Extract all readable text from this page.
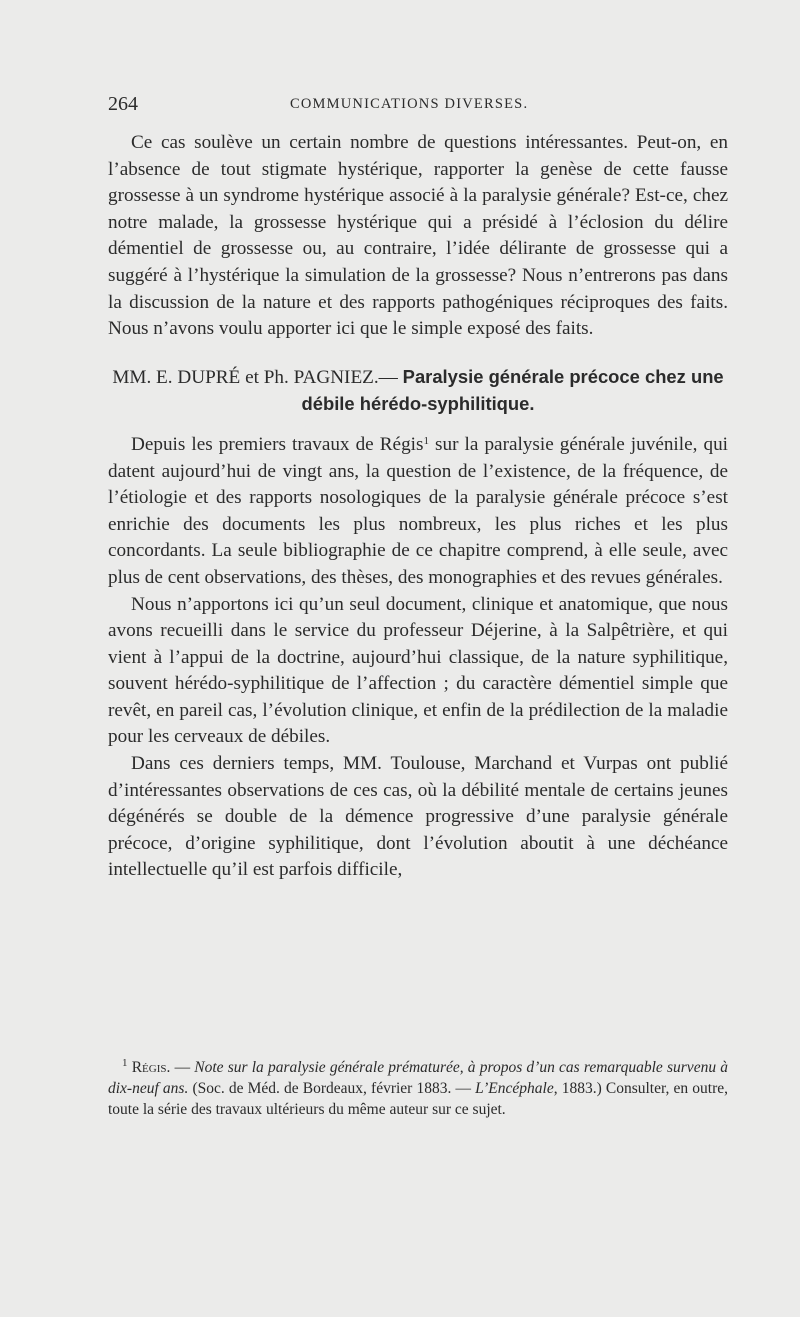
264	COMMUNICATIONS DIVERSES.

Ce cas soulève un certain nombre de questions intéressantes. Peut-on, en l’absence de tout stigmate hystérique, rapporter la genèse de cette fausse grossesse à un syndrome hystérique associé à la paralysie générale? Est-ce, chez notre malade, la grossesse hystérique qui a présidé à l’éclosion du délire démentiel de grossesse ou, au contraire, l’idée délirante de grossesse qui a suggéré à l’hystérique la simulation de la grossesse? Nous n’entrerons pas dans la discussion de la nature et des rapports pathogéniques réciproques des faits. Nous n’avons voulu apporter ici que le simple exposé des faits.

MM. E. DUPRÉ et Ph. PAGNIEZ.— Paralysie générale précoce chez une débile hérédo-syphilitique.

Depuis les premiers travaux de Régis$^1$ sur la paralysie générale juvénile, qui datent aujourd’hui de vingt ans, la question de l’existence, de la fréquence, de l’étiologie et des rapports nosologiques de la paralysie générale précoce s’est enrichie des documents les plus nombreux, les plus riches et les plus concordants. La seule bibliographie de ce chapitre comprend, à elle seule, avec plus de cent observations, des thèses, des monographies et des revues générales.

Nous n’apportons ici qu’un seul document, clinique et anatomique, que nous avons recueilli dans le service du professeur Déjerine, à la Salpêtrière, et qui vient à l’appui de la doctrine, aujourd’hui classique, de la nature syphilitique, souvent hérédo-syphilitique de l’affection ; du caractère démentiel simple que revêt, en pareil cas, l’évolution clinique, et enfin de la prédilection de la maladie pour les cerveaux de débiles.

Dans ces derniers temps, MM. Toulouse, Marchand et Vurpas ont publié d’intéressantes observations de ces cas, où la débilité mentale de certains jeunes dégénérés se double de la démence progressive d’une paralysie générale précoce, d’origine syphilitique, dont l’évolution aboutit à une déchéance intellectuelle qu’il est parfois difficile,

$^1$ Régis. — Note sur la paralysie générale prématurée, à propos d’un cas remarquable survenu à dix-neuf ans. (Soc. de Méd. de Bordeaux, février 1883. — L’Encéphale, 1883.) Consulter, en outre, toute la série des travaux ultérieurs du même auteur sur ce sujet.
